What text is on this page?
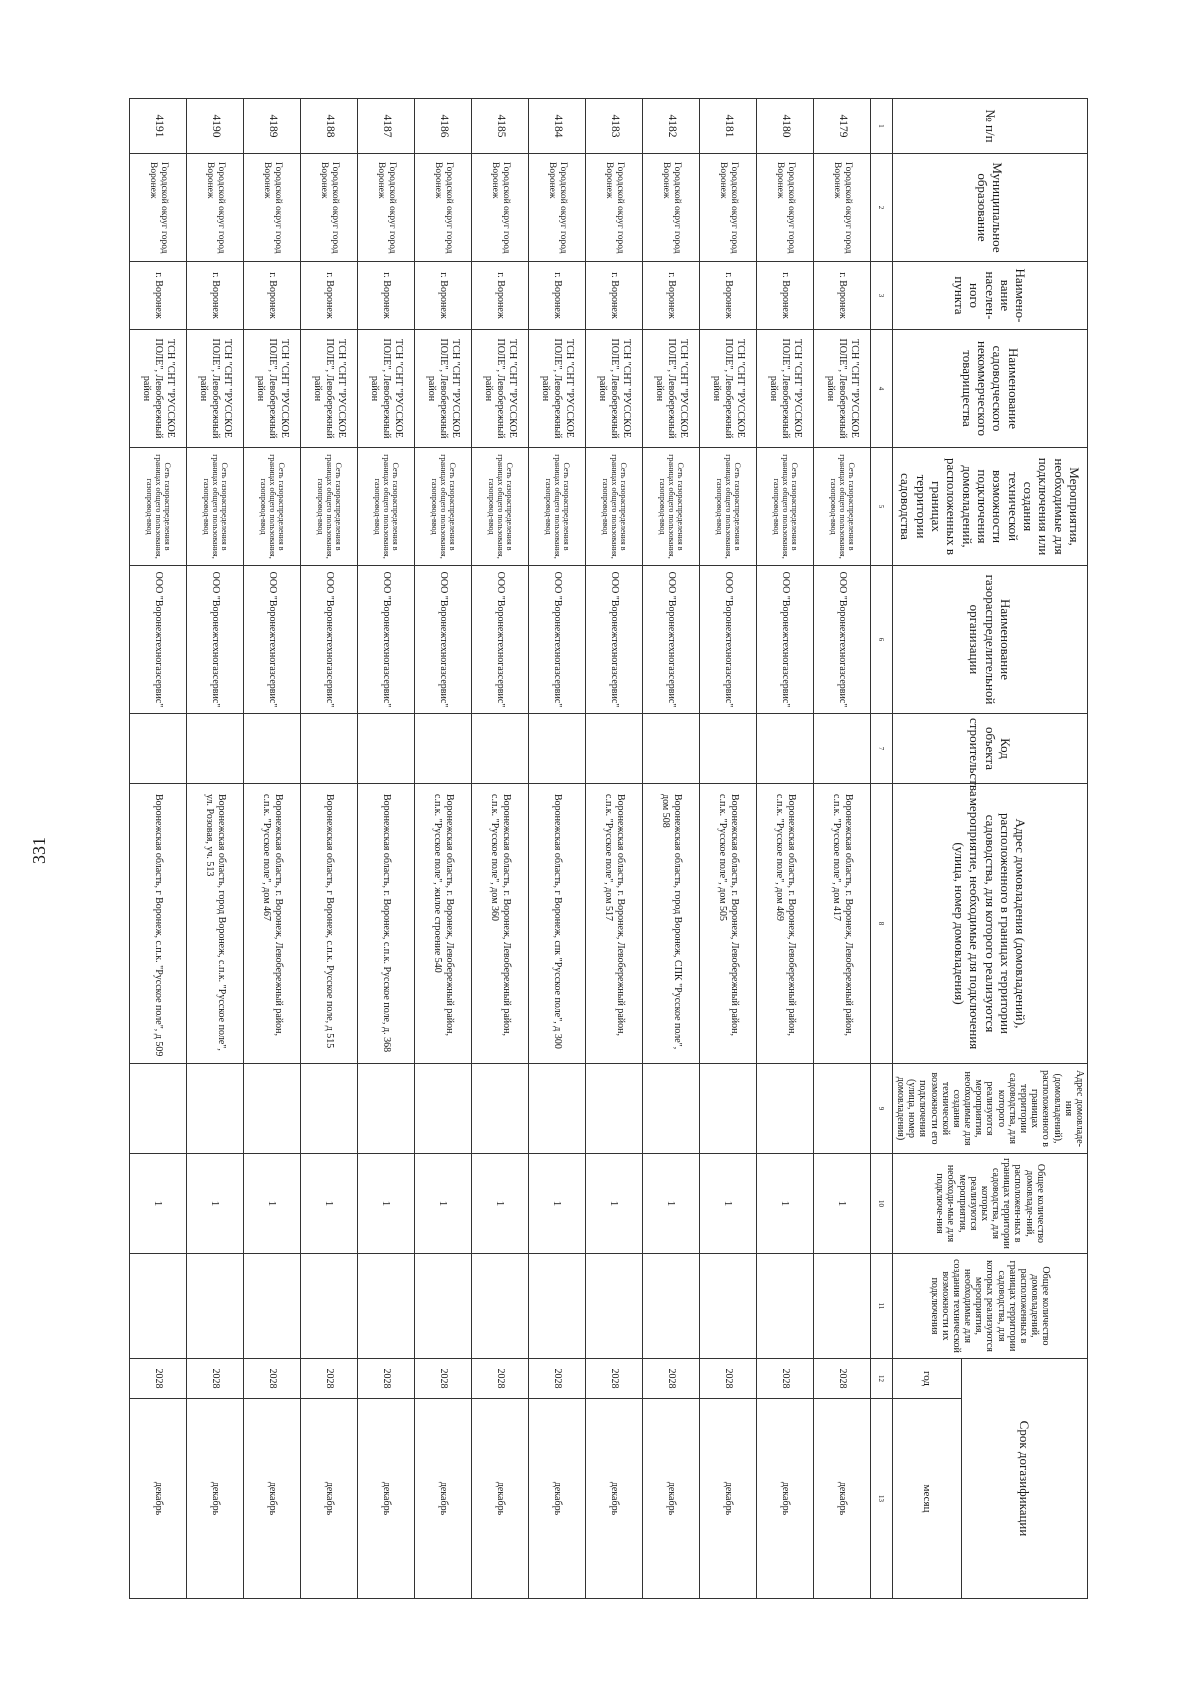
331
№ п/п	Муниципальное образование	Наимено-вание населен-ного пункта	Наименование садоводческого некоммерческого товарищества	Мероприятия, необходимые для подключения или создания технической возможности подключения домовладений, расположенных в границах территории садоводства	Наименование газораспределительной организации	Код объекта строительства	Адрес домовладения (домовладений), расположенного в границах территории садоводства, для которого реализуются мероприятие, необходимые для подключения (улица, номер домовладения)	Адрес домовладе-ния (домовладений), расположенного в границах территории садоводства, для которого реализуются мероприятия, необходимые для создания технической возможности его подключения (улица, номер домовладения)	Общее количество домовладе-ний, расположен-ных в границах территории садоводства, для которых реализуются мероприятия, необходи-мые для подключе-ния	Общее количество домовладений, расположенных в границах территории садоводства, для которых реализуются мероприятия, необходимые для создания технической возможности их подключения	Срок догазификации	
											год	месяц
1	2	3	4	5	6	7	8	9	10	11	12	13
4179	Городской округ город Воронеж	г. Воронеж	ТСН "СНТ "РУССКОЕ ПОЛЕ", Левобережный район	Сеть газораспределения в границах общего пользования, газопровод-ввод	ООО "Воронежтехногазсервис"		Воронежская область, г. Воронеж, Левобережный район, с.п.к. "Русское поле", дом 417		1		2028	декабрь
4180	Городской округ город Воронеж	г. Воронеж	ТСН "СНТ "РУССКОЕ ПОЛЕ", Левобережный район	Сеть газораспределения в границах общего пользования, газопровод-ввод	ООО "Воронежтехногазсервис"		Воронежская область, г. Воронеж, Левобережный район, с.п.к. "Русское поле", дом 469		1		2028	декабрь
4181	Городской округ город Воронеж	г. Воронеж	ТСН "СНТ "РУССКОЕ ПОЛЕ", Левобережный район	Сеть газораспределения в границах общего пользования, газопровод-ввод	ООО "Воронежтехногазсервис"		Воронежская область, г. Воронеж, Левобережный район, с.п.к. "Русское поле", дом 505		1		2028	декабрь
4182	Городской округ город Воронеж	г. Воронеж	ТСН "СНТ "РУССКОЕ ПОЛЕ", Левобережный район	Сеть газораспределения в границах общего пользования, газопровод-ввод	ООО "Воронежтехногазсервис"		Воронежская область, город Воронеж, СПК "Русское поле", дом 508		1		2028	декабрь
4183	Городской округ город Воронеж	г. Воронеж	ТСН "СНТ "РУССКОЕ ПОЛЕ", Левобережный район	Сеть газораспределения в границах общего пользования, газопровод-ввод	ООО "Воронежтехногазсервис"		Воронежская область, г. Воронеж, Левобережный район, с.п.к. "Русское поле", дом 517		1		2028	декабрь
4184	Городской округ город Воронеж	г. Воронеж	ТСН "СНТ "РУССКОЕ ПОЛЕ", Левобережный район	Сеть газораспределения в границах общего пользования, газопровод-ввод	ООО "Воронежтехногазсервис"		Воронежская область, г Воронеж, спк "Русское поле", д 300		1		2028	декабрь
4185	Городской округ город Воронеж	г. Воронеж	ТСН "СНТ "РУССКОЕ ПОЛЕ", Левобережный район	Сеть газораспределения в границах общего пользования, газопровод-ввод	ООО "Воронежтехногазсервис"		Воронежская область, г. Воронеж, Левобережный район, с.п.к. "Русское поле", дом 360		1		2028	декабрь
4186	Городской округ город Воронеж	г. Воронеж	ТСН "СНТ "РУССКОЕ ПОЛЕ", Левобережный район	Сеть газораспределения в границах общего пользования, газопровод-ввод	ООО "Воронежтехногазсервис"		Воронежская область, г. Воронеж, Левобережный район, с.п.к. "Русское поле", жилое строение 540		1		2028	декабрь
4187	Городской округ город Воронеж	г. Воронеж	ТСН "СНТ "РУССКОЕ ПОЛЕ", Левобережный район	Сеть газораспределения в границах общего пользования, газопровод-ввод	ООО "Воронежтехногазсервис"		Воронежская область, г. Воронеж, с.п.к. Русское поле, д. 368		1		2028	декабрь
4188	Городской округ город Воронеж	г. Воронеж	ТСН "СНТ "РУССКОЕ ПОЛЕ", Левобережный район	Сеть газораспределения в границах общего пользования, газопровод-ввод	ООО "Воронежтехногазсервис"		Воронежская область, г Воронеж, с.п.к. Русское поле, д 515		1		2028	декабрь
4189	Городской округ город Воронеж	г. Воронеж	ТСН "СНТ "РУССКОЕ ПОЛЕ", Левобережный район	Сеть газораспределения в границах общего пользования, газопровод-ввод	ООО "Воронежтехногазсервис"		Воронежская область, г. Воронеж, Левобережный район, с.п.к. "Русское поле", дом 467		1		2028	декабрь
4190	Городской округ город Воронеж	г. Воронеж	ТСН "СНТ "РУССКОЕ ПОЛЕ", Левобережный район	Сеть газораспределения в границах общего пользования, газопровод-ввод	ООО "Воронежтехногазсервис"		Воронежская область, город Воронеж, с.п.к. "Русское поле", ул. Розовая, уч. 513		1		2028	декабрь
4191	Городской округ город Воронеж	г. Воронеж	ТСН "СНТ "РУССКОЕ ПОЛЕ", Левобережный район	Сеть газораспределения в границах общего пользования, газопровод-ввод	ООО "Воронежтехногазсервис"		Воронежская область, г Воронеж, с.п.к. "Русское поле", д 509		1		2028	декабрь
